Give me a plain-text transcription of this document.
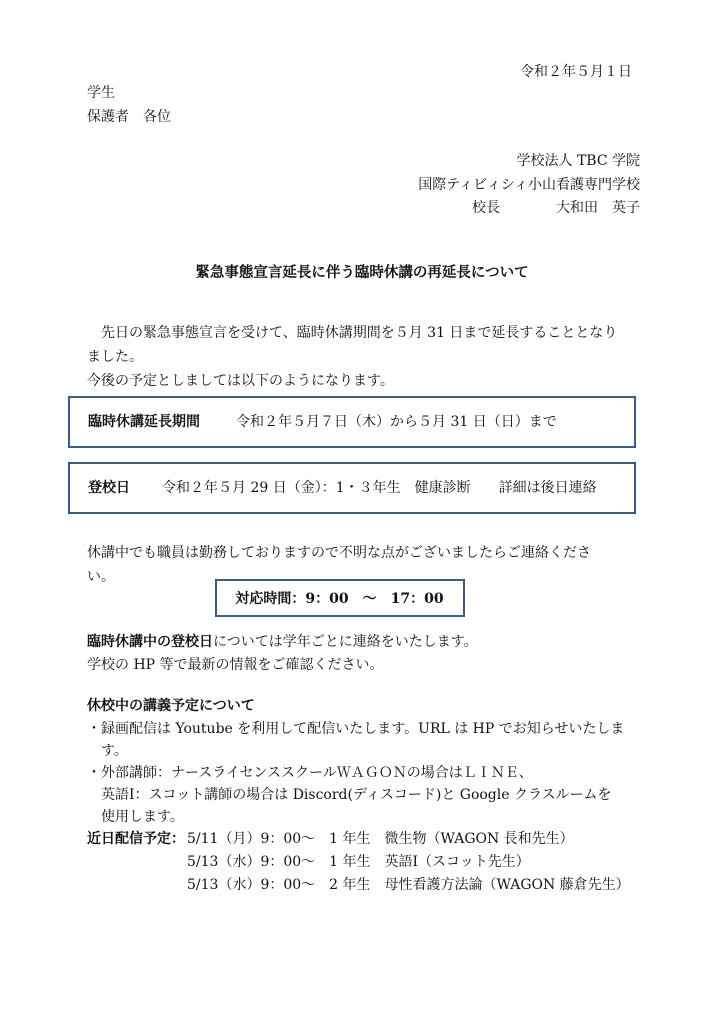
令和２年５月１日
学生
保護者　各位
学校法人 TBC 学院
国際ティビィシィ小山看護専門学校
校長　　　　大和田　英子
緊急事態宣言延長に伴う臨時休講の再延長について
先日の緊急事態宣言を受けて、臨時休講期間を５月 31 日まで延長することとなり
ました。
今後の予定としましては以下のようになります。
臨時休講延長期間	令和２年５月７日（木）から５月 31 日（日）まで
登校日 令和２年５月 29 日（金）：1・３年生　健康診断　　詳細は後日連絡
休講中でも職員は勤務しておりますので不明な点がございましたらご連絡くださ
い。
対応時間：9：00　～　17：00
臨時休講中の登校日については学年ごとに連絡をいたします。
学校の HP 等で最新の情報をご確認ください。
休校中の講義予定について
・録画配信は Youtube を利用して配信いたします。URL は HP でお知らせいたしま
す。
・外部講師：ナースライセンススクールＷＡＧＯＮの場合はＬＩＮＥ、
英語Ⅰ：スコット講師の場合は Discord(ディスコード)と Google クラスルームを
使用します。
近日配信予定： 5/11（月）9：00～　1 年生　微生物（WAGON 長和先生）
5/13（水）9：00～　1 年生　英語Ⅰ（スコット先生）
5/13（水）9：00～　2 年生　母性看護方法論（WAGON 藤倉先生）
